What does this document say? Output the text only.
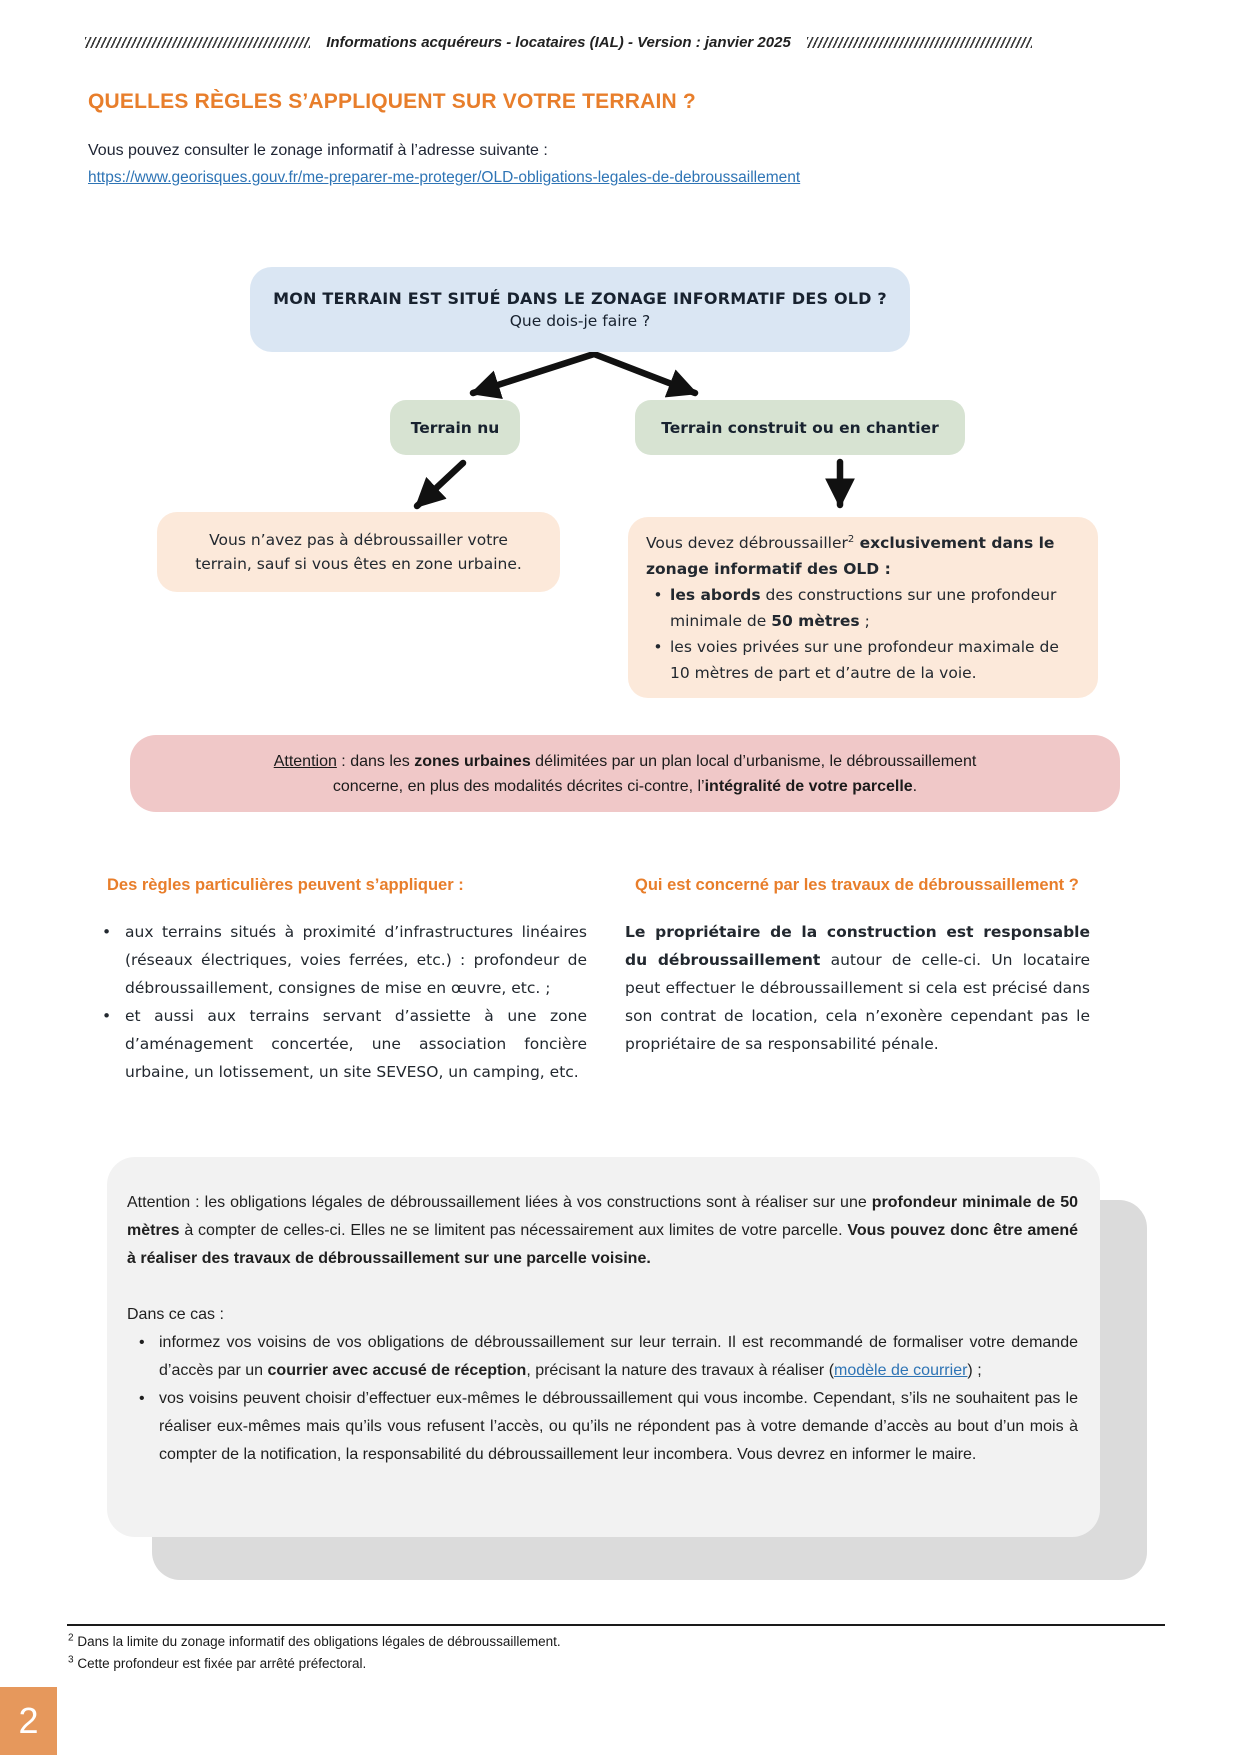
Informations acquéreurs - locataires (IAL) - Version : janvier 2025
QUELLES RÈGLES S’APPLIQUENT SUR VOTRE TERRAIN ?
Vous pouvez consulter le zonage informatif à l’adresse suivante :
https://www.georisques.gouv.fr/me-preparer-me-proteger/OLD-obligations-legales-de-debroussaillement
MON TERRAIN EST SITUÉ DANS LE ZONAGE INFORMATIF DES OLD ?
Que dois-je faire ?
Terrain nu	Terrain construit ou en chantier
Vous n’avez pas à débroussailler votre
terrain, sauf si vous êtes en zone urbaine.
Vous devez débroussailler$^2$ exclusivement dans le zonage informatif des OLD :
• les abords des constructions sur une profondeur minimale de 50 mètres ;
• les voies privées sur une profondeur maximale de 10 mètres de part et d’autre de la voie.
Attention : dans les zones urbaines délimitées par un plan local d’urbanisme, le débroussaillement
concerne, en plus des modalités décrites ci-contre, l’intégralité de votre parcelle.
Des règles particulières peuvent s’appliquer :	Qui est concerné par les travaux de débroussaillement ?
• aux terrains situés à proximité d’infrastructures linéaires (réseaux électriques, voies ferrées, etc.) : profondeur de débroussaillement, consignes de mise en œuvre, etc. ;
• et aussi aux terrains servant d’assiette à une zone d’aménagement concertée, une association foncière urbaine, un lotissement, un site SEVESO, un camping, etc.
Le propriétaire de la construction est responsable du débroussaillement autour de celle-ci. Un locataire peut effectuer le débroussaillement si cela est précisé dans son contrat de location, cela n’exonère cependant pas le propriétaire de sa responsabilité pénale.
Attention : les obligations légales de débroussaillement liées à vos constructions sont à réaliser sur une profondeur minimale de 50 mètres à compter de celles-ci. Elles ne se limitent pas nécessairement aux limites de votre parcelle. Vous pouvez donc être amené à réaliser des travaux de débroussaillement sur une parcelle voisine.
Dans ce cas :
• informez vos voisins de vos obligations de débroussaillement sur leur terrain. Il est recommandé de formaliser votre demande d’accès par un courrier avec accusé de réception, précisant la nature des travaux à réaliser (modèle de courrier) ;
• vos voisins peuvent choisir d’effectuer eux-mêmes le débroussaillement qui vous incombe. Cependant, s’ils ne souhaitent pas le réaliser eux-mêmes mais qu’ils vous refusent l’accès, ou qu’ils ne répondent pas à votre demande d’accès au bout d’un mois à compter de la notification, la responsabilité du débroussaillement leur incombera. Vous devrez en informer le maire.
$^2$ Dans la limite du zonage informatif des obligations légales de débroussaillement.
$^3$ Cette profondeur est fixée par arrêté préfectoral.
2
